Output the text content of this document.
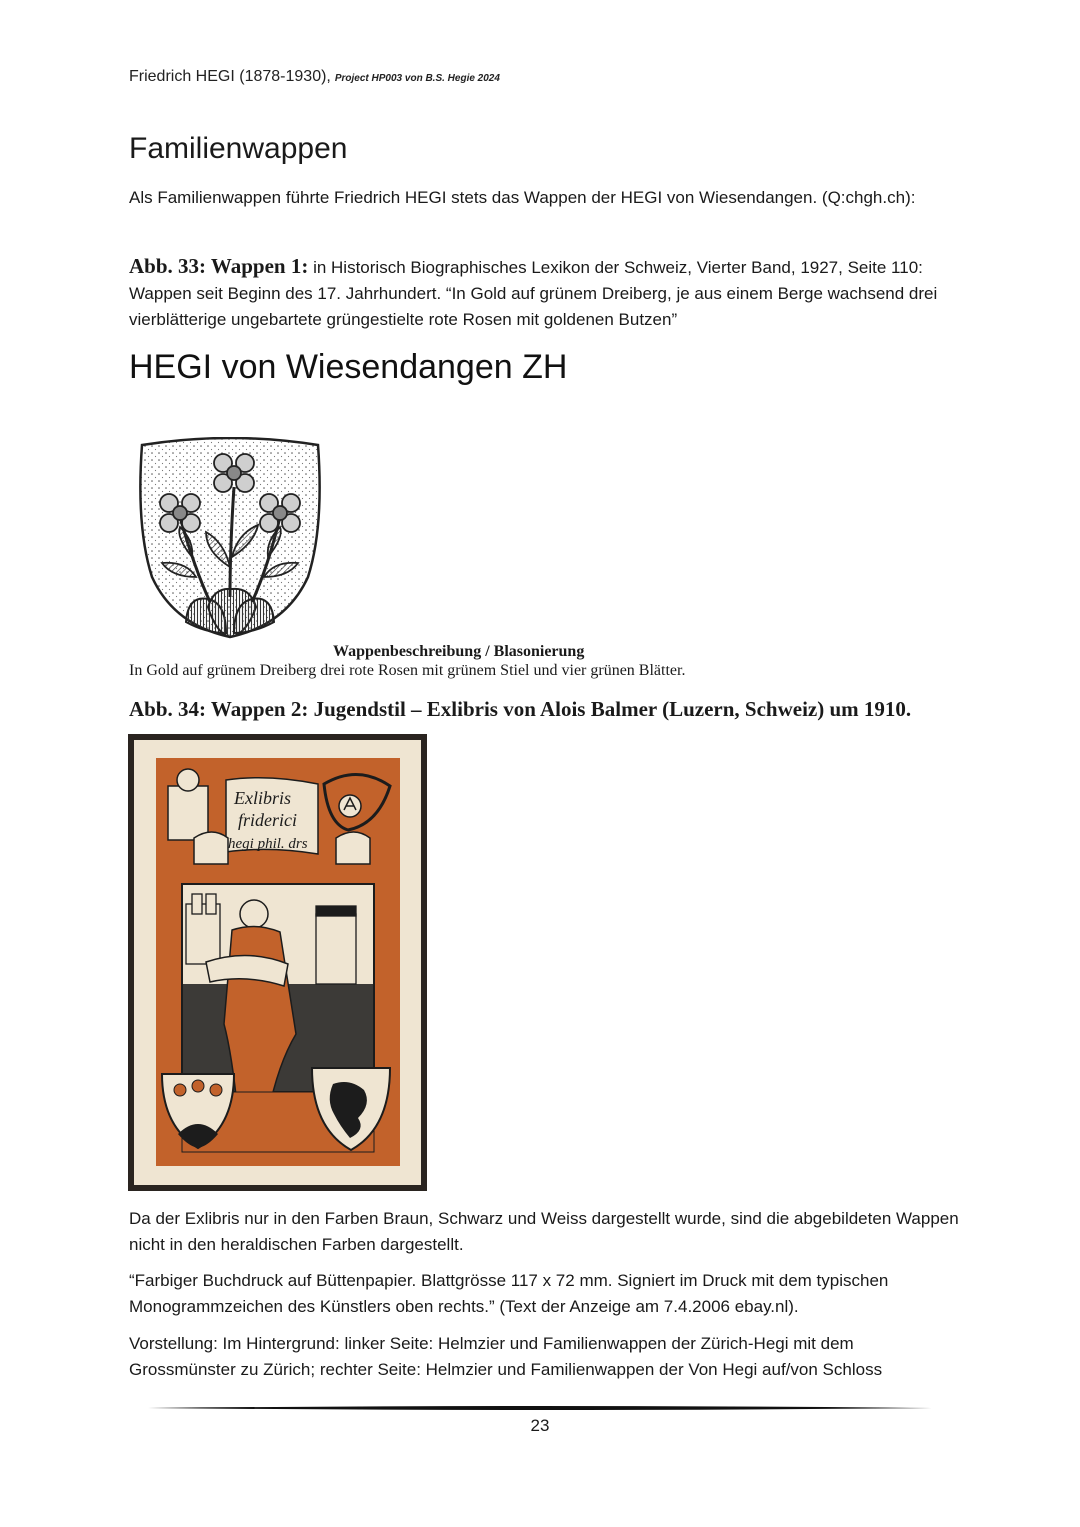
Friedrich HEGI (1878-1930), Project HP003 von B.S. Hegie 2024
Familienwappen
Als Familienwappen führte Friedrich HEGI stets das Wappen der HEGI von Wiesendangen. (Q:chgh.ch):
Abb. 33: Wappen 1: in Historisch Biographisches Lexikon der Schweiz, Vierter Band, 1927, Seite 110: Wappen seit Beginn des 17. Jahrhundert. “In Gold auf grünem Dreiberg, je aus einem Berge wachsend drei vierblätterige ungebartete grüngestielte rote Rosen mit goldenen Butzen”
HEGI von Wiesendangen ZH
Wappenbeschreibung / Blasonierung
In Gold auf grünem Dreiberg drei rote Rosen mit grünem Stiel und vier grünen Blätter.
Abb. 34: Wappen 2: Jugendstil – Exlibris von Alois Balmer (Luzern, Schweiz) um 1910.
Exlibris
friderici
hegi phil. drs
Da der Exlibris nur in den Farben Braun, Schwarz und Weiss dargestellt wurde, sind die abgebildeten Wappen nicht in den heraldischen Farben dargestellt.
“Farbiger Buchdruck auf Büttenpapier. Blattgrösse 117 x 72 mm. Signiert im Druck mit dem typischen Monogrammzeichen des Künstlers oben rechts.” (Text der Anzeige am 7.4.2006 ebay.nl).
Vorstellung: Im Hintergrund: linker Seite: Helmzier und Familienwappen der Zürich-Hegi mit dem Grossmünster zu Zürich; rechter Seite: Helmzier und Familienwappen der Von Hegi auf/von Schloss
23
